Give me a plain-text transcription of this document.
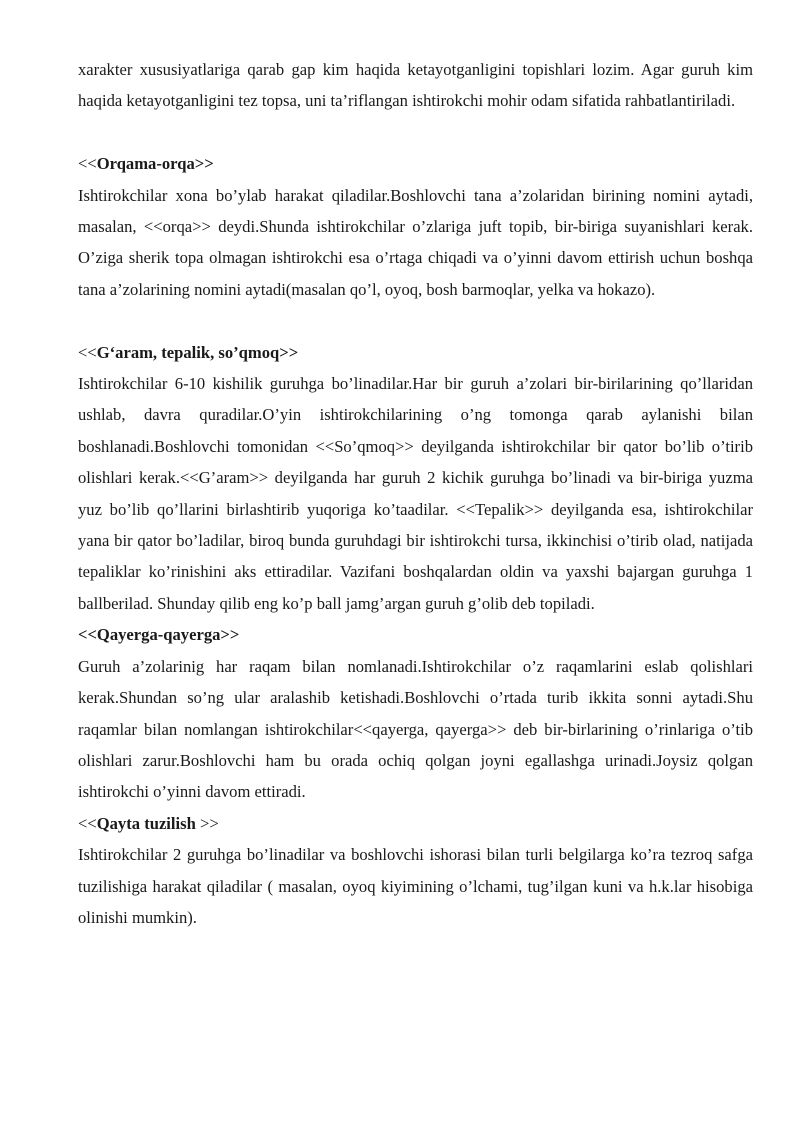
xarakter xususiyatlariga qarab gap kim haqida ketayotganligini topishlari lozim. Agar guruh kim haqida ketayotganligini tez topsa, uni ta’riflangan ishtirokchi mohir odam sifatida rahbatlantiriladi.

<<Orqama-orqa>>

Ishtirokchilar xona bo’ylab harakat qiladilar.Boshlovchi tana a’zolaridan birining nomini aytadi, masalan, <<orqa>> deydi.Shunda ishtirokchilar o’zlariga juft topib, bir-biriga suyanishlari kerak. O’ziga sherik topa olmagan ishtirokchi esa o’rtaga chiqadi va o’yinni davom ettirish uchun boshqa tana a’zolarining nomini aytadi(masalan qo’l, oyoq, bosh barmoqlar, yelka va hokazo).

<<G‘aram, tepalik, so’qmoq>>

Ishtirokchilar 6-10 kishilik guruhga bo’linadilar.Har bir guruh a’zolari bir-birilarining qo’llaridan ushlab, davra quradilar.O’yin ishtirokchilarining o’ng tomonga qarab aylanishi bilan boshlanadi.Boshlovchi tomonidan <<So’qmoq>> deyilganda ishtirokchilar bir qator bo’lib o’tirib olishlari kerak.<<G’aram>> deyilganda har guruh 2 kichik guruhga bo’linadi va bir-biriga yuzma yuz bo’lib qo’llarini birlashtirib yuqoriga ko’taadilar. <<Tepalik>> deyilganda esa, ishtirokchilar yana bir qator bo’ladilar, biroq bunda guruhdagi bir ishtirokchi tursa, ikkinchisi o’tirib olad, natijada tepaliklar ko’rinishini aks ettiradilar. Vazifani boshqalardan oldin va yaxshi bajargan guruhga 1 ballberilad. Shunday qilib eng ko’p ball jamg’argan guruh g’olib deb topiladi.

<<Qayerga-qayerga>>

Guruh a’zolarinig har raqam bilan nomlanadi.Ishtirokchilar o’z raqamlarini eslab qolishlari kerak.Shundan so’ng ular aralashib ketishadi.Boshlovchi o’rtada turib ikkita sonni aytadi.Shu raqamlar bilan nomlangan ishtirokchilar<<qayerga, qayerga>> deb bir-birlarining o’rinlariga o’tib olishlari zarur.Boshlovchi ham bu orada ochiq qolgan joyni egallashga urinadi.Joysiz qolgan ishtirokchi o’yinni davom ettiradi.

<<Qayta tuzilish >>

Ishtirokchilar 2 guruhga bo’linadilar va boshlovchi ishorasi bilan turli belgilarga ko’ra tezroq safga tuzilishiga harakat qiladilar ( masalan, oyoq kiyimining o’lchami, tug’ilgan kuni va h.k.lar hisobiga olinishi mumkin).
